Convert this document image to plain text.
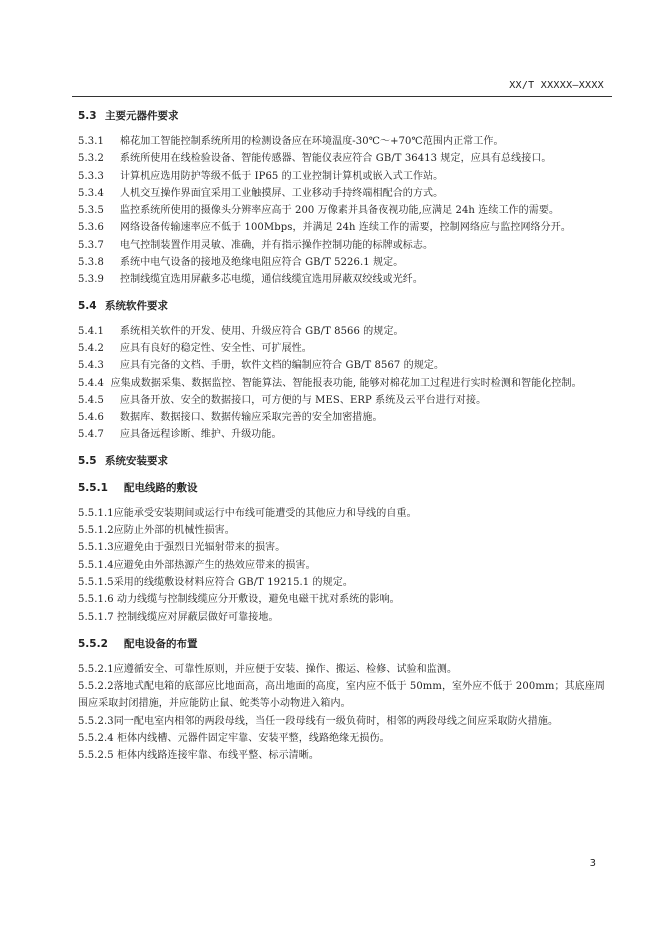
XX/T XXXXX—XXXX
5.3 主要元器件要求
5.3.1	棉花加工智能控制系统所用的检测设备应在环境温度-30℃～+70℃范围内正常工作。
5.3.2	系统所使用在线检验设备、智能传感器、智能仪表应符合 GB/T 36413 规定，应具有总线接口。
5.3.3	计算机应选用防护等级不低于 IP65 的工业控制计算机或嵌入式工作站。
5.3.4	人机交互操作界面宜采用工业触摸屏、工业移动手持终端相配合的方式。
5.3.5	监控系统所使用的摄像头分辨率应高于 200 万像素并具备夜视功能,应满足 24h 连续工作的需要。
5.3.6	网络设备传输速率应不低于 100Mbps，并满足 24h 连续工作的需要，控制网络应与监控网络分开。
5.3.7	电气控制装置作用灵敏、准确，并有指示操作控制功能的标牌或标志。
5.3.8	系统中电气设备的接地及绝缘电阻应符合 GB/T 5226.1 规定。
5.3.9	控制线缆宜选用屏蔽多芯电缆，通信线缆宜选用屏蔽双绞线或光纤。
5.4 系统软件要求
5.4.1	系统相关软件的开发、使用、升级应符合 GB/T 8566 的规定。
5.4.2	应具有良好的稳定性、安全性、可扩展性。
5.4.3	应具有完备的文档、手册，软件文档的编制应符合 GB/T 8567 的规定。
5.4.4 应集成数据采集、数据监控、智能算法、智能报表功能, 能够对棉花加工过程进行实时检测和智能化控制。
5.4.5	应具备开放、安全的数据接口，可方便的与 MES、ERP 系统及云平台进行对接。
5.4.6	数据库、数据接口、数据传输应采取完善的安全加密措施。
5.4.7	应具备远程诊断、维护、升级功能。
5.5 系统安装要求
5.5.1	配电线路的敷设
5.5.1.1应能承受安装期间或运行中布线可能遭受的其他应力和导线的自重。
5.5.1.2应防止外部的机械性损害。
5.5.1.3应避免由于强烈日光辐射带来的损害。
5.5.1.4应避免由外部热源产生的热效应带来的损害。
5.5.1.5采用的线缆敷设材料应符合 GB/T 19215.1 的规定。
5.5.1.6 动力线缆与控制线缆应分开敷设，避免电磁干扰对系统的影响。
5.5.1.7 控制线缆应对屏蔽层做好可靠接地。
5.5.2	配电设备的布置
5.5.2.1应遵循安全、可靠性原则，并应便于安装、操作、搬运、检修、试验和监测。
5.5.2.2落地式配电箱的底部应比地面高，高出地面的高度，室内应不低于 50mm，室外应不低于 200mm；其底座周围应采取封闭措施，并应能防止鼠、蛇类等小动物进入箱内。
5.5.2.3同一配电室内相邻的两段母线，当任一段母线有一级负荷时，相邻的两段母线之间应采取防火措施。
5.5.2.4 柜体内线槽、元器件固定牢靠、安装平整，线路绝缘无损伤。
5.5.2.5 柜体内线路连接牢靠、布线平整、标示清晰。
3
